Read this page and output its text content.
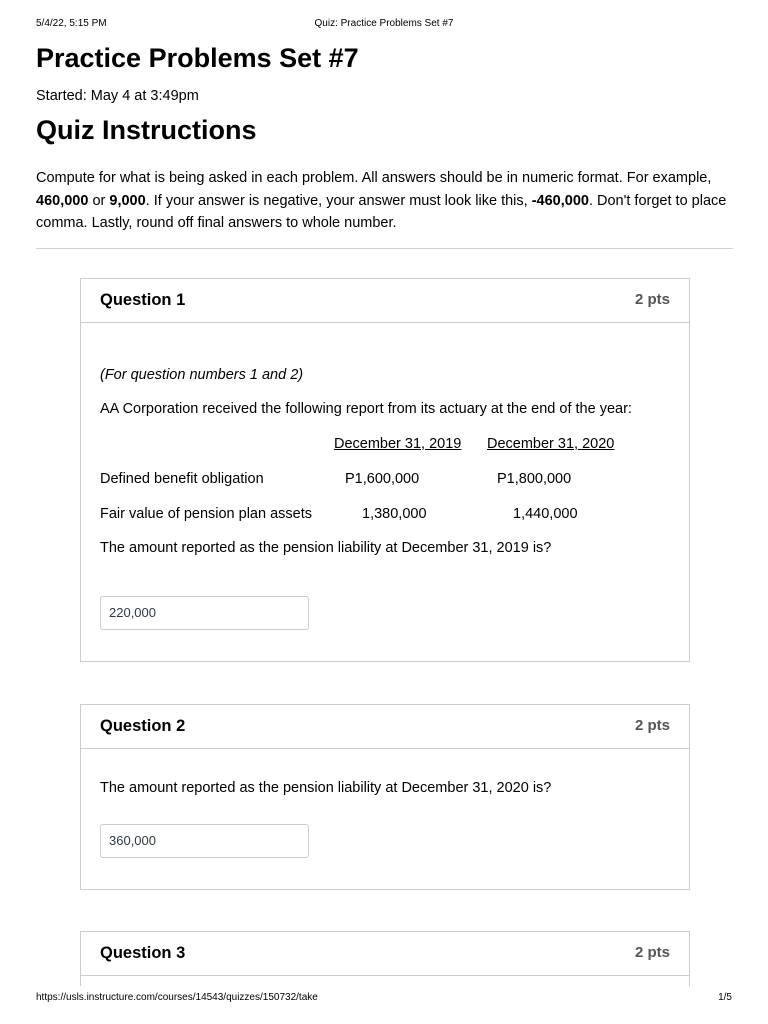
5/4/22, 5:15 PM	Quiz: Practice Problems Set #7
Practice Problems Set #7
Started: May 4 at 3:49pm
Quiz Instructions
Compute for what is being asked in each problem. All answers should be in numeric format. For example, 460,000 or 9,000. If your answer is negative, your answer must look like this, -460,000. Don't forget to place comma. Lastly, round off final answers to whole number.
Question 1	2 pts
(For question numbers 1 and 2)
AA Corporation received the following report from its actuary at the end of the year:
December 31, 2019 December 31, 2020
Defined benefit obligation	P1,600,000	P1,800,000
Fair value of pension plan assets	1,380,000	1,440,000
The amount reported as the pension liability at December 31, 2019 is?
220,000
Question 2	2 pts
The amount reported as the pension liability at December 31, 2020 is?
360,000
Question 3	2 pts
https://usls.instructure.com/courses/14543/quizzes/150732/take	1/5
